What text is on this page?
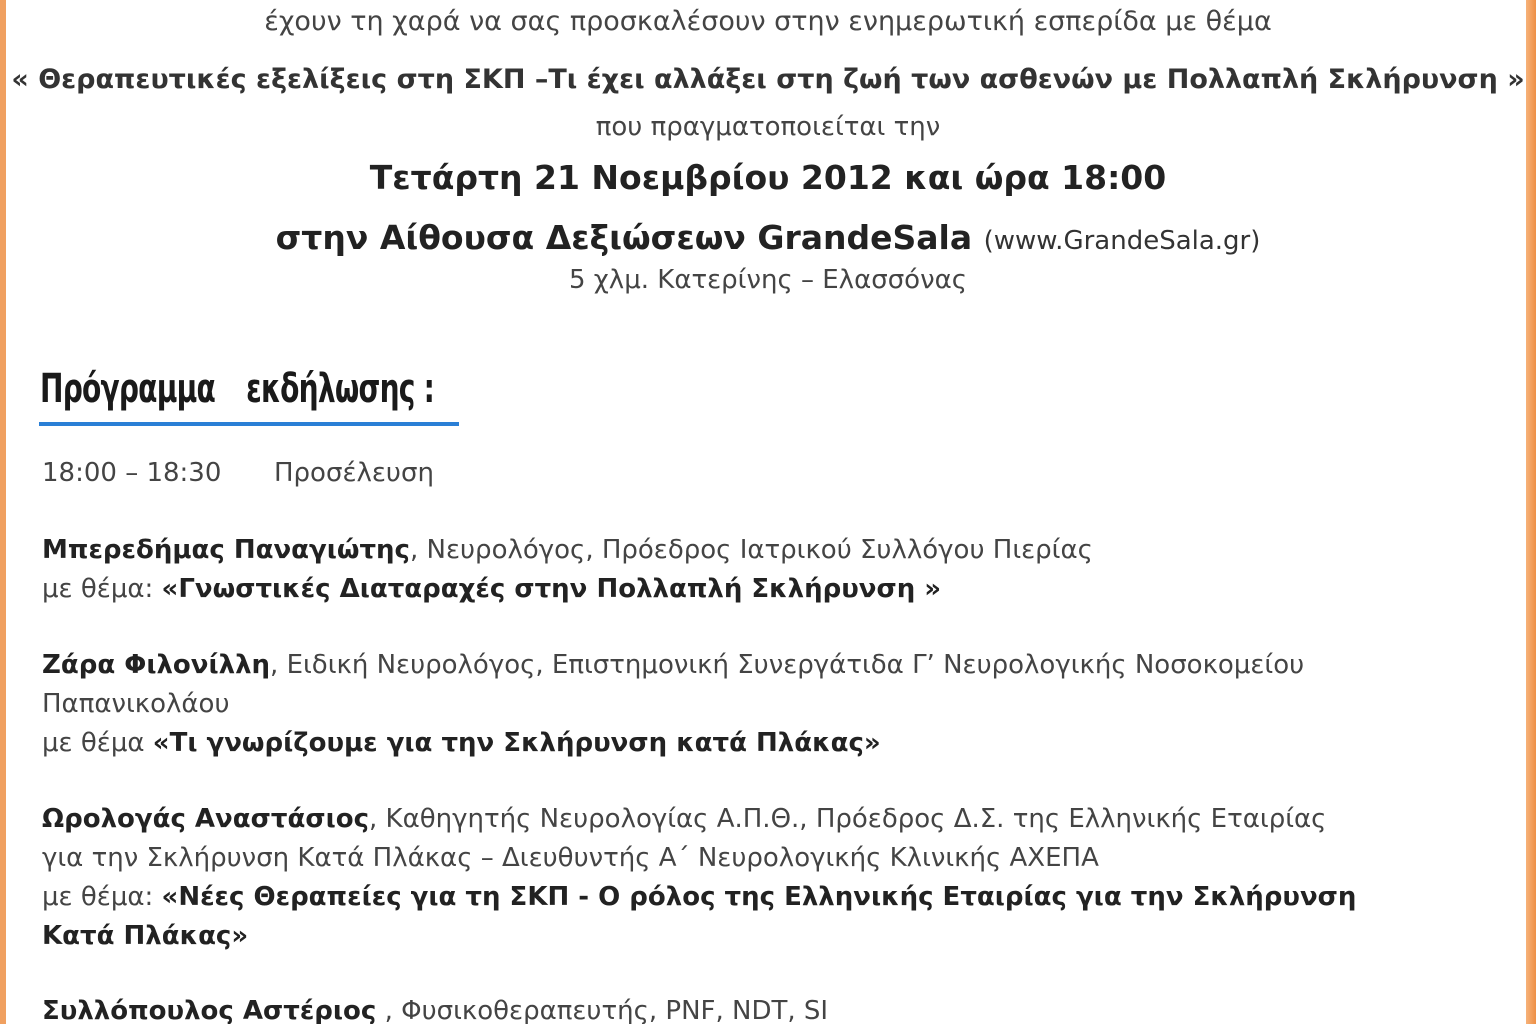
έχουν τη χαρά να σας προσκαλέσουν στην ενημερωτική εσπερίδα με θέμα
« Θεραπευτικές εξελίξεις στη ΣΚΠ –Τι έχει αλλάξει στη ζωή των ασθενών με Πολλαπλή Σκλήρυνση »
που πραγματοποιείται την
Τετάρτη 21 Νοεμβρίου 2012 και ώρα 18:00
στην Αίθουσα Δεξιώσεων GrandeSala (www.GrandeSala.gr)
5 χλμ. Κατερίνης – Ελασσόνας
Πρόγραμμα εκδήλωσης :
18:00 – 18:30 Προσέλευση
Μπερεδήμας Παναγιώτης, Νευρολόγος, Πρόεδρος Ιατρικού Συλλόγου Πιερίας
με θέμα: «Γνωστικές Διαταραχές στην Πολλαπλή Σκλήρυνση »
Ζάρα Φιλονίλλη, Ειδική Νευρολόγος, Επιστημονική Συνεργάτιδα Γ’ Νευρολογικής Νοσοκομείου
Παπανικολάου
με θέμα «Τι γνωρίζουμε για την Σκλήρυνση κατά Πλάκας»
Ωρολογάς Αναστάσιος, Καθηγητής Νευρολογίας Α.Π.Θ., Πρόεδρος Δ.Σ. της Ελληνικής Εταιρίας
για την Σκλήρυνση Κατά Πλάκας – Διευθυντής Α΄ Νευρολογικής Κλινικής ΑΧΕΠΑ
με θέμα: «Νέες Θεραπείες για τη ΣΚΠ - Ο ρόλος της Ελληνικής Εταιρίας για την Σκλήρυνση
Κατά Πλάκας»
Συλλόπουλος Αστέριος , Φυσικοθεραπευτής, PNF, NDT, SI
